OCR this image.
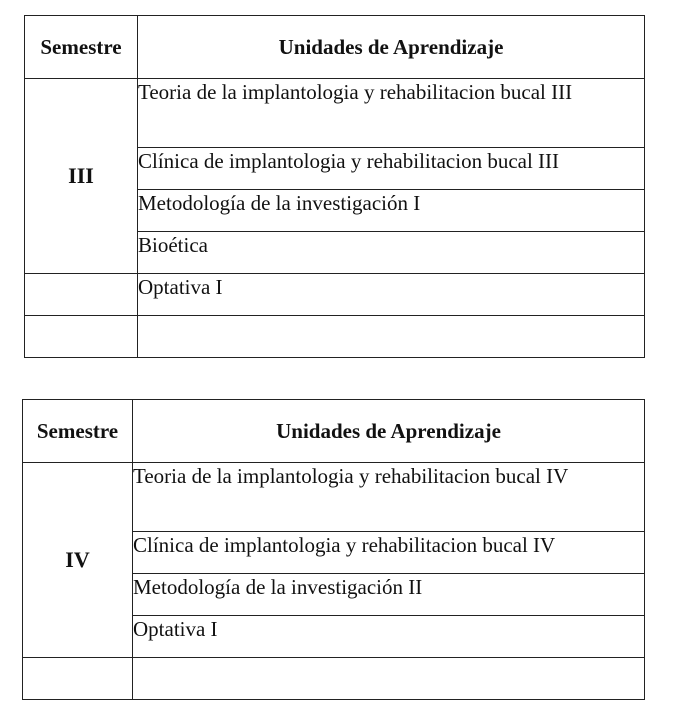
Semestre	Unidades de Aprendizaje
III	Teoria de la implantologia y rehabilitacion bucal III
	Clínica de implantologia y rehabilitacion bucal III
	Metodología de la investigación I
	Bioética
	Optativa I

Semestre	Unidades de Aprendizaje
IV	Teoria de la implantologia y rehabilitacion bucal IV
	Clínica de implantologia y rehabilitacion bucal IV
	Metodología de la investigación II
	Optativa I
